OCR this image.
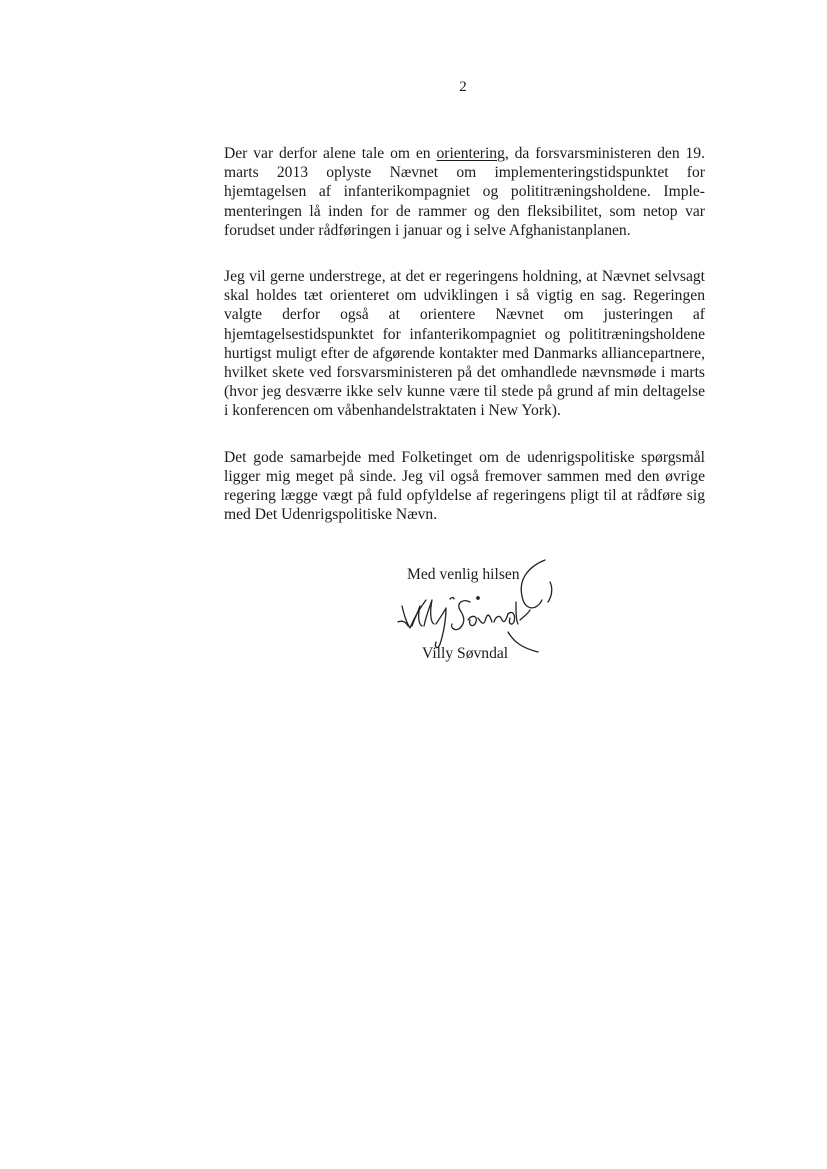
2

Der var derfor alene tale om en orientering, da forsvarsministeren den 19. marts 2013 oplyste Nævnet om implementeringstidspunktet for hjemtagelsen af infanterikompagniet og polititræningsholdene. Implementeringen lå inden for de rammer og den fleksibilitet, som netop var forudset under rådføringen i januar og i selve Afghanistanplanen.

Jeg vil gerne understrege, at det er regeringens holdning, at Nævnet selvsagt skal holdes tæt orienteret om udviklingen i så vigtig en sag. Regeringen valgte derfor også at orientere Nævnet om justeringen af hjemtagelsestidspunktet for infanterikompagniet og polititræningsholdene hurtigst muligt efter de afgørende kontakter med Danmarks alliancepartnere, hvilket skete ved forsvarsministeren på det omhandlede nævnsmøde i marts (hvor jeg desværre ikke selv kunne være til stede på grund af min deltagelse i konferencen om våbenhandelstraktaten i New York).

Det gode samarbejde med Folketinget om de udenrigspolitiske spørgsmål ligger mig meget på sinde. Jeg vil også fremover sammen med den øvrige regering lægge vægt på fuld opfyldelse af regeringens pligt til at rådføre sig med Det Udenrigspolitiske Nævn.

Med venlig hilsen
Villy Søvndal
